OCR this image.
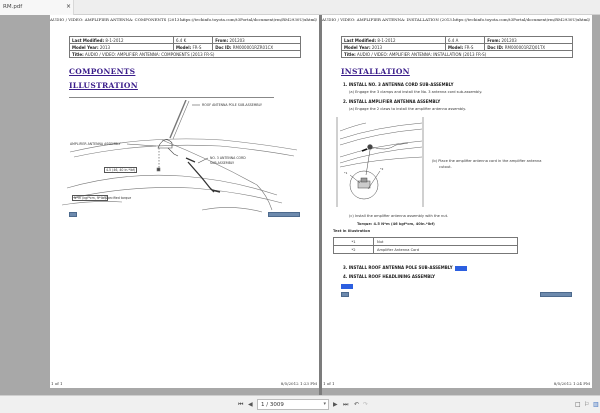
RM.pdf	×
AUDIO / VIDEO: AMPLIFIER ANTENNA: COMPONENTS (2013 ...
https://techinfo.toyota.com/t3Portal/document/rm/RM2930U/xhtml/
Last Modified: 8-1-2012	6.4 K	From: 201203
Model Year: 2013	Model: FR-S	Doc ID: RM000001RZR01CX
Title: AUDIO / VIDEO: AMPLIFIER ANTENNA: COMPONENTS (2013 FR-S)		
COMPONENTS
ILLUSTRATION
ROOF ANTENNA POLE SUB-ASSEMBLY
AMPLIFIER ANTENNA ASSEMBLY
NO. 3 ANTENNA CORD
SUB-ASSEMBLY
4.5 (46, 40 in.*lbf)
N*m (kgf*cm, ft*lbf)
: Specified torque
1 of 1	8/5/2012 1:23 PM
AUDIO / VIDEO: AMPLIFIER ANTENNA: INSTALLATION (2013...
https://techinfo.toyota.com/t3Portal/document/rm/RM2930U/xhtml/
Last Modified: 8-1-2012	6.4 A	From: 201203
Model Year: 2013	Model: FR-S	Doc ID: RM000001RZQ01TX
Title: AUDIO / VIDEO: AMPLIFIER ANTENNA: INSTALLATION (2013 FR-S)		
INSTALLATION
1. INSTALL NO. 3 ANTENNA CORD SUB-ASSEMBLY
(a) Engage the 3 clamps and install the No. 3 antenna cord sub-assembly.
2. INSTALL AMPLIFIER ANTENNA ASSEMBLY
(a) Engage the 2 claws to install the amplifier antenna assembly.
*1
*2
(b) Place the amplifier antenna cord in the amplifier antenna
cutout.
(c) Install the amplifier antenna assembly with the nut.
Torque: 4.5 N*m (46 kgf*cm, 40in.*lbf)
Text in Illustration
*1	Nut
*2	Amplifier Antenna Cord
3. INSTALL ROOF ANTENNA POLE SUB-ASSEMBLY
4. INSTALL ROOF HEADLINING ASSEMBLY
1 of 1	8/5/2012 1:24 PM
⏮ ◀	1 / 3009	▾ ▶ ⏭ ↶ ↷	□ ⚐ ▥
